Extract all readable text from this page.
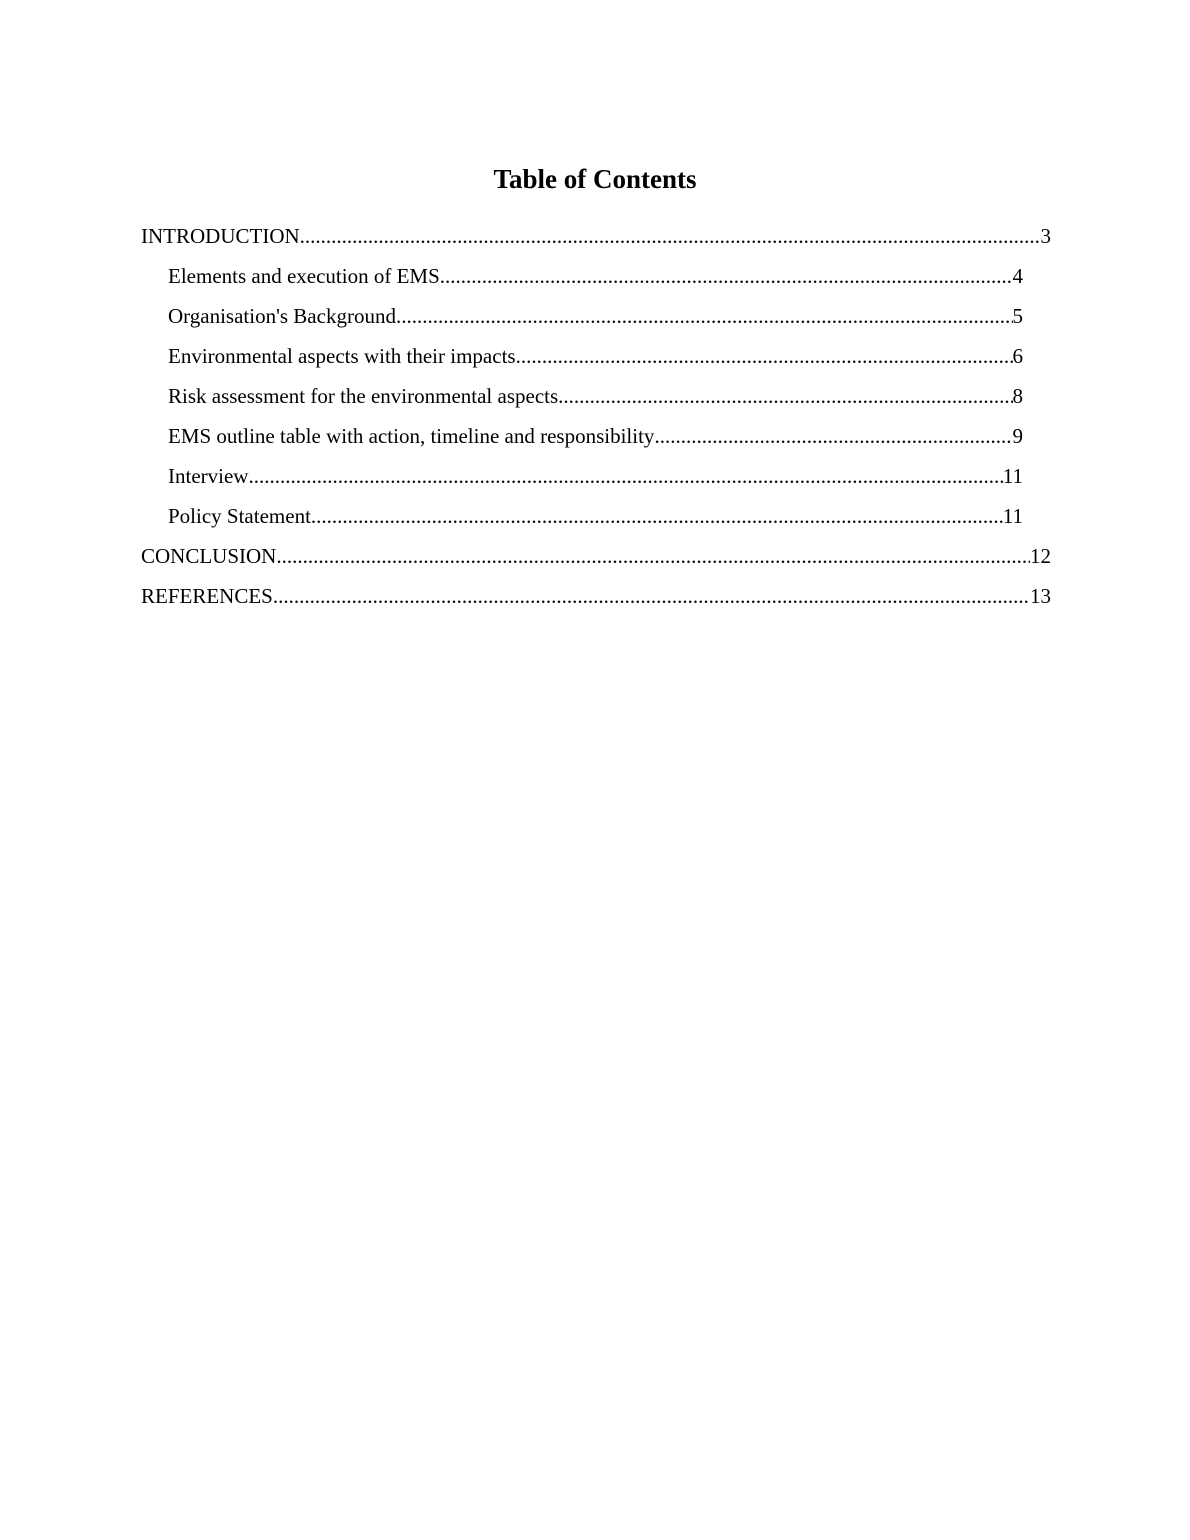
Table of Contents
INTRODUCTION .....	3
Elements and execution of EMS .....	4
Organisation's Background .....	5
Environmental aspects with their impacts .....	6
Risk assessment for the environmental aspects .....	8
EMS outline table with action, timeline and responsibility .....	9
Interview .....	11
Policy Statement .....	11
CONCLUSION .....	12
REFERENCES .....	13
